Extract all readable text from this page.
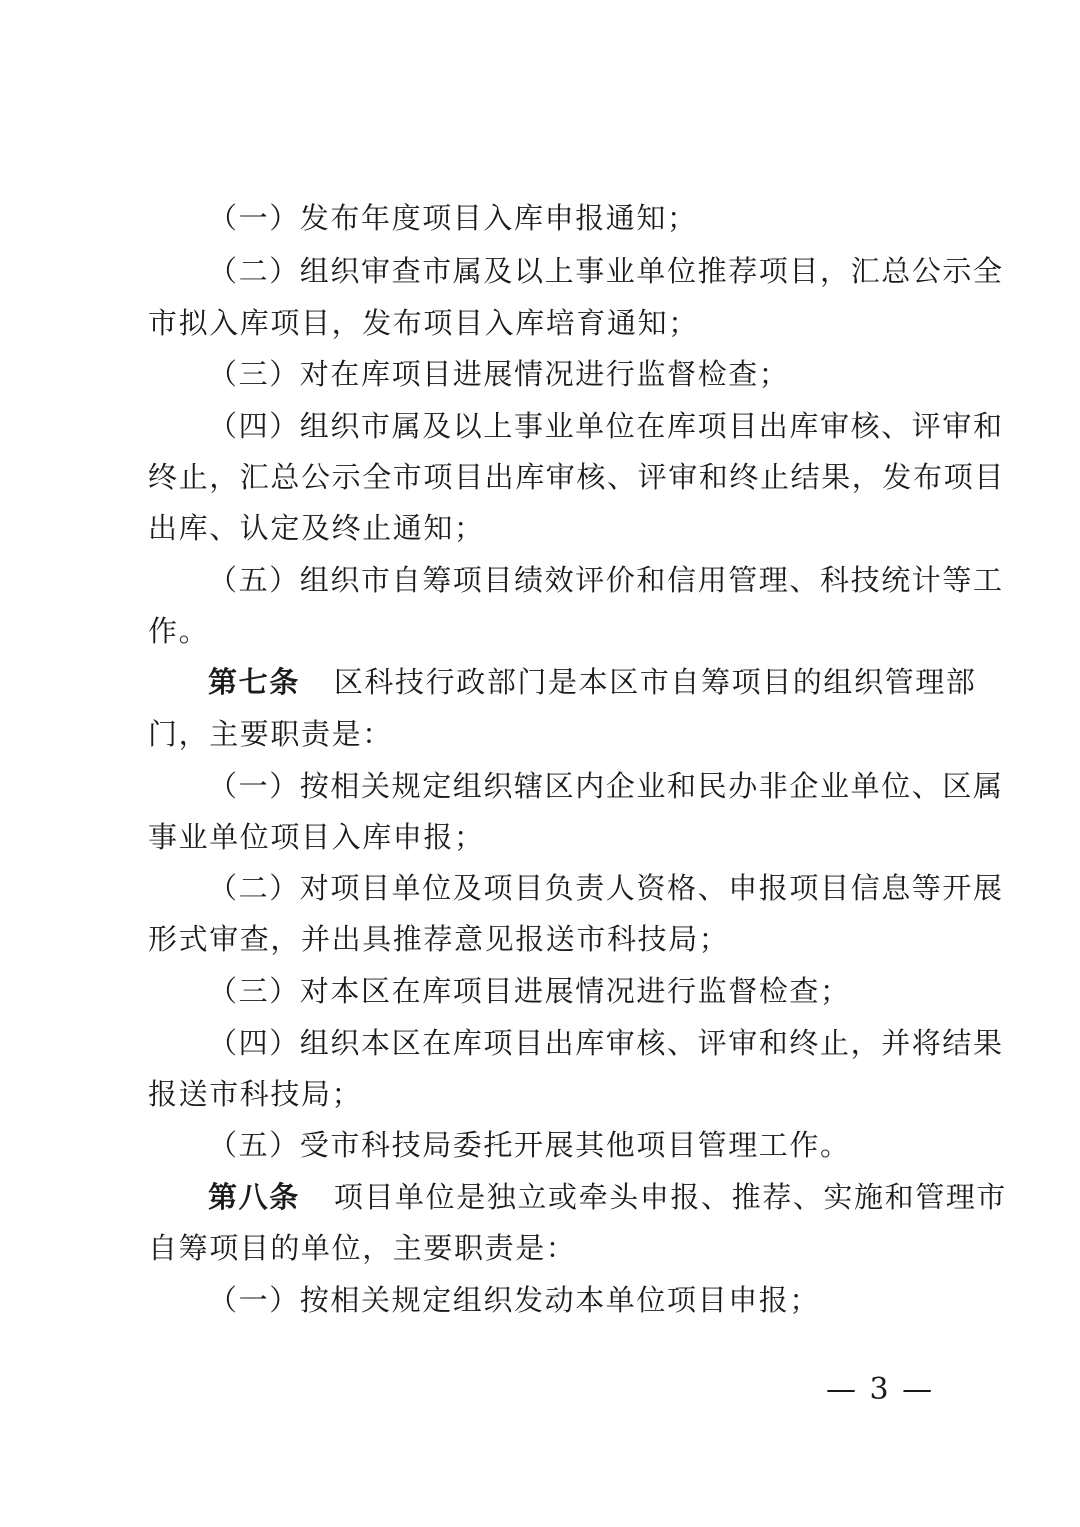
（一）发布年度项目入库申报通知；
（二）组织审查市属及以上事业单位推荐项目，汇总公示全
市拟入库项目，发布项目入库培育通知；
（三）对在库项目进展情况进行监督检查；
（四）组织市属及以上事业单位在库项目出库审核、评审和
终止，汇总公示全市项目出库审核、评审和终止结果，发布项目
出库、认定及终止通知；
（五）组织市自筹项目绩效评价和信用管理、科技统计等工
作。
第七条 区科技行政部门是本区市自筹项目的组织管理部
门，主要职责是：
（一）按相关规定组织辖区内企业和民办非企业单位、区属
事业单位项目入库申报；
（二）对项目单位及项目负责人资格、申报项目信息等开展
形式审查，并出具推荐意见报送市科技局；
（三）对本区在库项目进展情况进行监督检查；
（四）组织本区在库项目出库审核、评审和终止，并将结果
报送市科技局；
（五）受市科技局委托开展其他项目管理工作。
第八条 项目单位是独立或牵头申报、推荐、实施和管理市
自筹项目的单位，主要职责是：
（一）按相关规定组织发动本单位项目申报；
— 3 —
